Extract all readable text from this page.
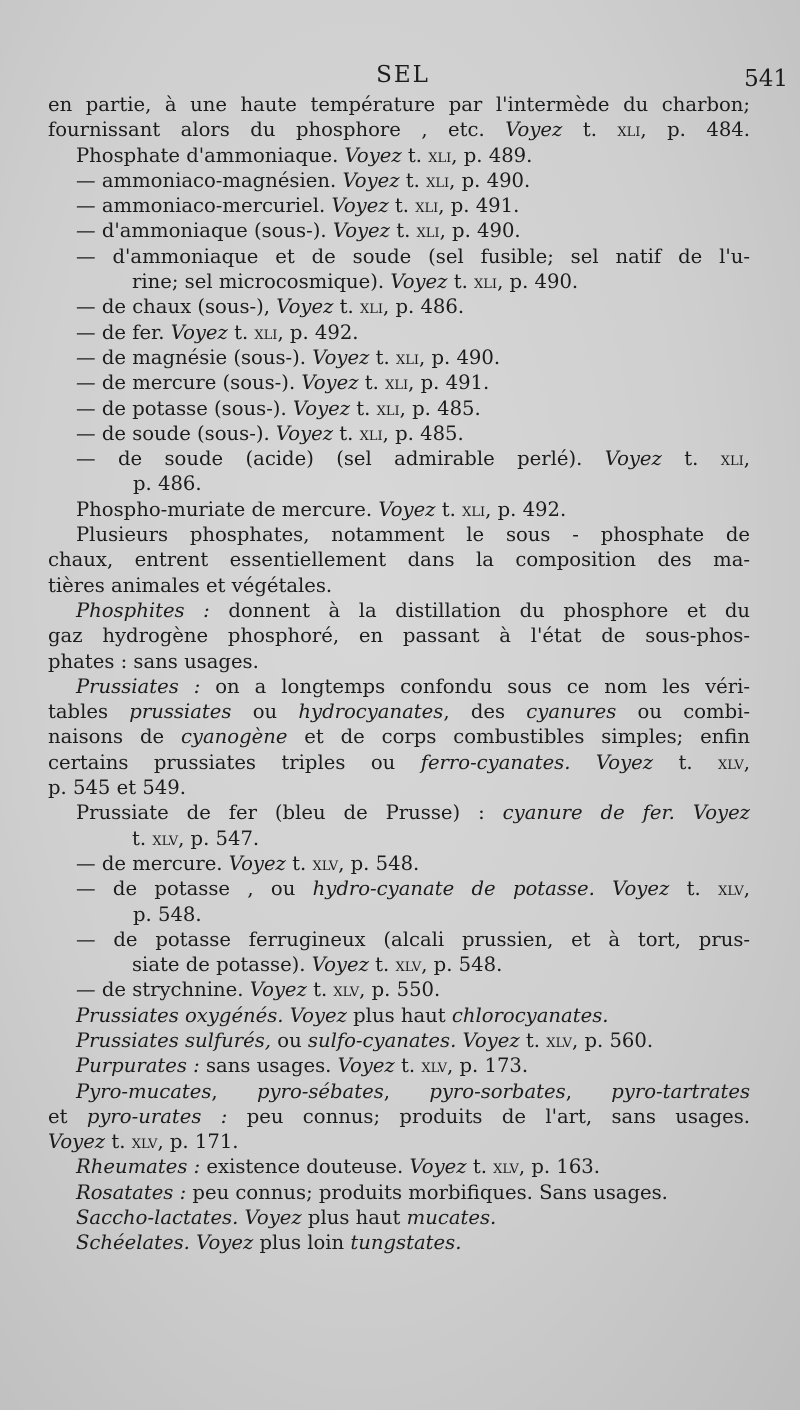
SEL	541
en partie, à une haute température par l'intermède du charbon;
fournissant alors du phosphore , etc. Voyez t. xli, p. 484.
Phosphate d'ammoniaque. Voyez t. xli, p. 489.
— ammoniaco-magnésien. Voyez t. xli, p. 490.
— ammoniaco-mercuriel. Voyez t. xli, p. 491.
— d'ammoniaque (sous-). Voyez t. xli, p. 490.
— d'ammoniaque et de soude (sel fusible; sel natif de l'u-
rine; sel microcosmique). Voyez t. xli, p. 490.
— de chaux (sous-), Voyez t. xli, p. 486.
— de fer. Voyez t. xli, p. 492.
— de magnésie (sous-). Voyez t. xli, p. 490.
— de mercure (sous-). Voyez t. xli, p. 491.
— de potasse (sous-). Voyez t. xli, p. 485.
— de soude (sous-). Voyez t. xli, p. 485.
— de soude (acide) (sel admirable perlé). Voyez t. xli,
p. 486.
Phospho-muriate de mercure. Voyez t. xli, p. 492.
Plusieurs phosphates, notamment le sous - phosphate de
chaux, entrent essentiellement dans la composition des ma-
tières animales et végétales.
Phosphites : donnent à la distillation du phosphore et du
gaz hydrogène phosphoré, en passant à l'état de sous-phos-
phates : sans usages.
Prussiates : on a longtemps confondu sous ce nom les véri-
tables prussiates ou hydrocyanates, des cyanures ou combi-
naisons de cyanogène et de corps combustibles simples; enfin
certains prussiates triples ou ferro-cyanates. Voyez t. xlv,
p. 545 et 549.
Prussiate de fer (bleu de Prusse) : cyanure de fer. Voyez
t. xlv, p. 547.
— de mercure. Voyez t. xlv, p. 548.
— de potasse , ou hydro-cyanate de potasse. Voyez t. xlv,
p. 548.
— de potasse ferrugineux (alcali prussien, et à tort, prus-
siate de potasse). Voyez t. xlv, p. 548.
— de strychnine. Voyez t. xlv, p. 550.
Prussiates oxygénés. Voyez plus haut chlorocyanates.
Prussiates sulfurés, ou sulfo-cyanates. Voyez t. xlv, p. 560.
Purpurates : sans usages. Voyez t. xlv, p. 173.
Pyro-mucates, pyro-sébates, pyro-sorbates, pyro-tartrates
et pyro-urates : peu connus; produits de l'art, sans usages.
Voyez t. xlv, p. 171.
Rheumates : existence douteuse. Voyez t. xlv, p. 163.
Rosatates : peu connus; produits morbifiques. Sans usages.
Saccho-lactates. Voyez plus haut mucates.
Schéelates. Voyez plus loin tungstates.
